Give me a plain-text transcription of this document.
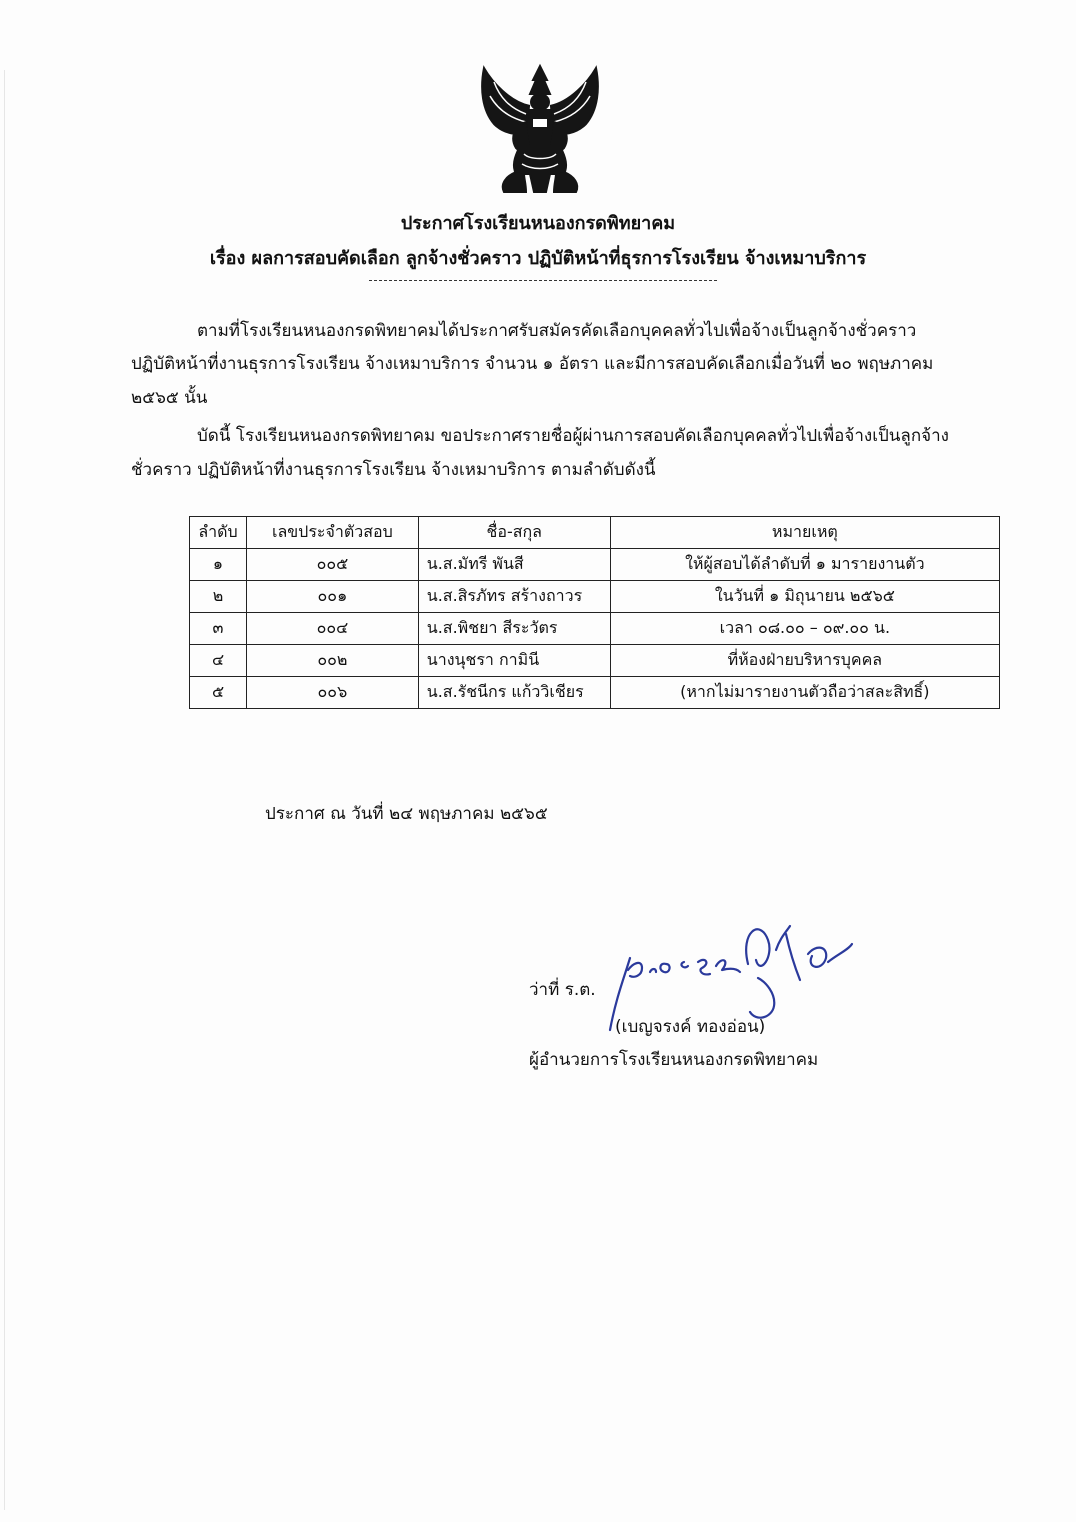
ประกาศโรงเรียนหนองกรดพิทยาคม
เรื่อง ผลการสอบคัดเลือก ลูกจ้างชั่วคราว ปฏิบัติหน้าที่ธุรการโรงเรียน จ้างเหมาบริการ
ตามที่โรงเรียนหนองกรดพิทยาคมได้ประกาศรับสมัครคัดเลือกบุคคลทั่วไปเพื่อจ้างเป็นลูกจ้างชั่วคราว
ปฏิบัติหน้าที่งานธุรการโรงเรียน จ้างเหมาบริการ จำนวน ๑ อัตรา และมีการสอบคัดเลือกเมื่อวันที่ ๒๐ พฤษภาคม
๒๕๖๕ นั้น
บัดนี้ โรงเรียนหนองกรดพิทยาคม ขอประกาศรายชื่อผู้ผ่านการสอบคัดเลือกบุคคลทั่วไปเพื่อจ้างเป็นลูกจ้าง
ชั่วคราว ปฏิบัติหน้าที่งานธุรการโรงเรียน จ้างเหมาบริการ ตามลำดับดังนี้
ลำดับ	เลขประจำตัวสอบ	ชื่อ-สกุล	หมายเหตุ
๑	๐๐๕	น.ส.มัทรี พันสี	ให้ผู้สอบได้ลำดับที่ ๑ มารายงานตัว
๒	๐๐๑	น.ส.สิรภัทร สร้างถาวร	ในวันที่ ๑ มิถุนายน ๒๕๖๕
๓	๐๐๔	น.ส.พิชยา สีระวัตร	เวลา ๐๘.๐๐ – ๐๙.๐๐ น.
๔	๐๐๒	นางนุชรา กามินี	ที่ห้องฝ่ายบริหารบุคคล
๕	๐๐๖	น.ส.รัชนีกร แก้ววิเชียร	(หากไม่มารายงานตัวถือว่าสละสิทธิ์)
ประกาศ ณ วันที่ ๒๔ พฤษภาคม ๒๕๖๕
ว่าที่ ร.ต.
(เบญจรงค์ ทองอ่อน)
ผู้อำนวยการโรงเรียนหนองกรดพิทยาคม
